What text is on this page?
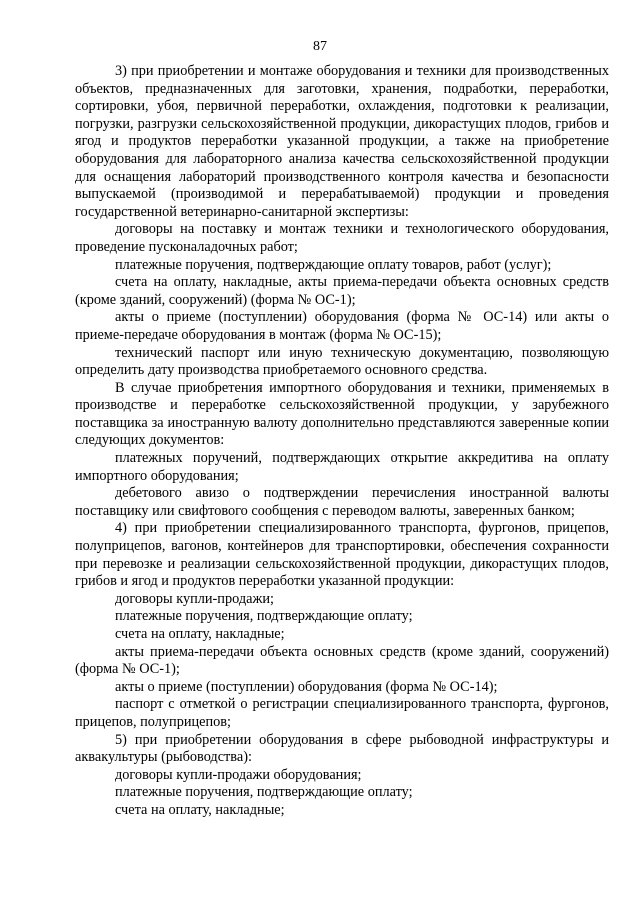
87

3) при приобретении и монтаже оборудования и техники для производственных объектов, предназначенных для заготовки, хранения, подработки, переработки, сортировки, убоя, первичной переработки, охлаждения, подготовки к реализации, погрузки, разгрузки сельскохозяйственной продукции, дикорастущих плодов, грибов и ягод и продуктов переработки указанной продукции, а также на приобретение оборудования для лабораторного анализа качества сельскохозяйственной продукции для оснащения лабораторий производственного контроля качества и безопасности выпускаемой (производимой и перерабатываемой) продукции и проведения государственной ветеринарно-санитарной экспертизы:

договоры на поставку и монтаж техники и технологического оборудования, проведение пусконаладочных работ;

платежные поручения, подтверждающие оплату товаров, работ (услуг);

счета на оплату, накладные, акты приема-передачи объекта основных средств (кроме зданий, сооружений) (форма № ОС-1);

акты о приеме (поступлении) оборудования (форма № ОС-14) или акты о приеме-передаче оборудования в монтаж (форма № ОС-15);

технический паспорт или иную техническую документацию, позволяющую определить дату производства приобретаемого основного средства.

В случае приобретения импортного оборудования и техники, применяемых в производстве и переработке сельскохозяйственной продукции, у зарубежного поставщика за иностранную валюту дополнительно представляются заверенные копии следующих документов:

платежных поручений, подтверждающих открытие аккредитива на оплату импортного оборудования;

дебетового авизо о подтверждении перечисления иностранной валюты поставщику или свифтового сообщения с переводом валюты, заверенных банком;

4) при приобретении специализированного транспорта, фургонов, прицепов, полуприцепов, вагонов, контейнеров для транспортировки, обеспечения сохранности при перевозке и реализации сельскохозяйственной продукции, дикорастущих плодов, грибов и ягод и продуктов переработки указанной продукции:

договоры купли-продажи;

платежные поручения, подтверждающие оплату;

счета на оплату, накладные;

акты приема-передачи объекта основных средств (кроме зданий, сооружений) (форма № ОС-1);

акты о приеме (поступлении) оборудования (форма № ОС-14);

паспорт с отметкой о регистрации специализированного транспорта, фургонов, прицепов, полуприцепов;

5) при приобретении оборудования в сфере рыбоводной инфраструктуры и аквакультуры (рыбоводства):

договоры купли-продажи оборудования;

платежные поручения, подтверждающие оплату;

счета на оплату, накладные;
